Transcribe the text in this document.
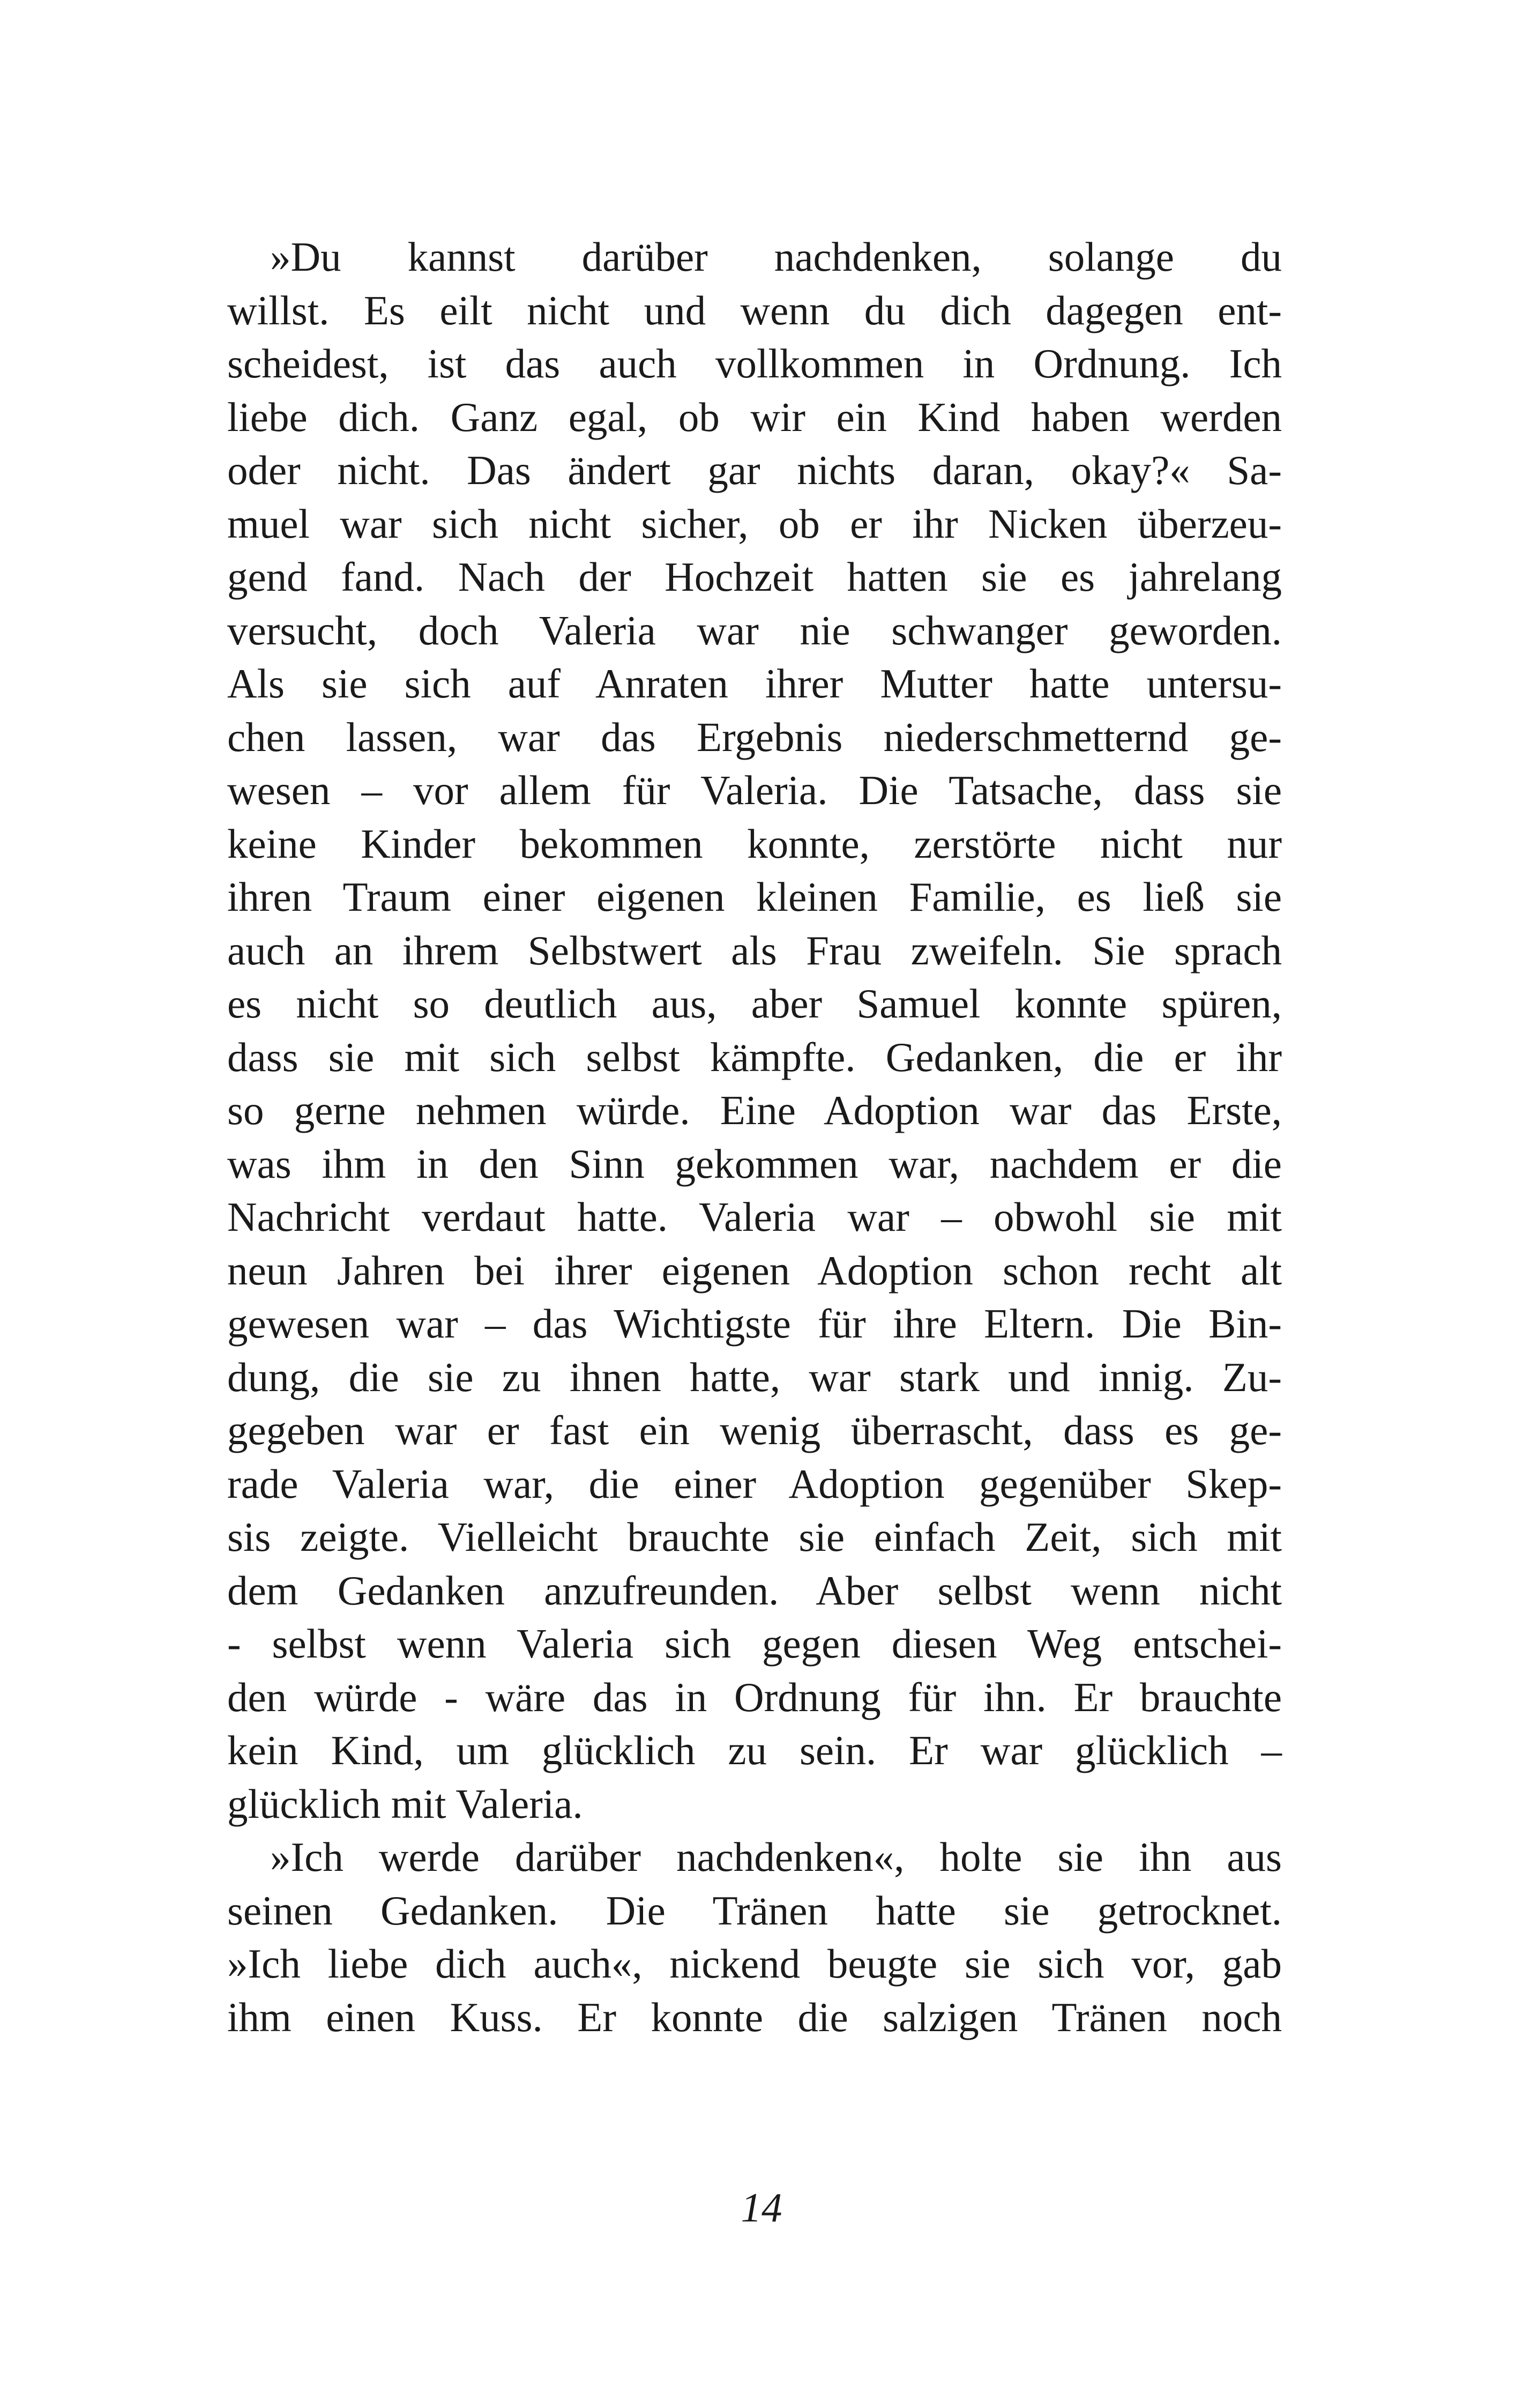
»Du kannst darüber nachdenken, solange du
willst. Es eilt nicht und wenn du dich dagegen ent-
scheidest, ist das auch vollkommen in Ordnung. Ich
liebe dich. Ganz egal, ob wir ein Kind haben werden
oder nicht. Das ändert gar nichts daran, okay?« Sa-
muel war sich nicht sicher, ob er ihr Nicken überzeu-
gend fand. Nach der Hochzeit hatten sie es jahrelang
versucht, doch Valeria war nie schwanger geworden.
Als sie sich auf Anraten ihrer Mutter hatte untersu-
chen lassen, war das Ergebnis niederschmetternd ge-
wesen – vor allem für Valeria. Die Tatsache, dass sie
keine Kinder bekommen konnte, zerstörte nicht nur
ihren Traum einer eigenen kleinen Familie, es ließ sie
auch an ihrem Selbstwert als Frau zweifeln. Sie sprach
es nicht so deutlich aus, aber Samuel konnte spüren,
dass sie mit sich selbst kämpfte. Gedanken, die er ihr
so gerne nehmen würde. Eine Adoption war das Erste,
was ihm in den Sinn gekommen war, nachdem er die
Nachricht verdaut hatte. Valeria war – obwohl sie mit
neun Jahren bei ihrer eigenen Adoption schon recht alt
gewesen war – das Wichtigste für ihre Eltern. Die Bin-
dung, die sie zu ihnen hatte, war stark und innig. Zu-
gegeben war er fast ein wenig überrascht, dass es ge-
rade Valeria war, die einer Adoption gegenüber Skep-
sis zeigte. Vielleicht brauchte sie einfach Zeit, sich mit
dem Gedanken anzufreunden. Aber selbst wenn nicht
- selbst wenn Valeria sich gegen diesen Weg entschei-
den würde - wäre das in Ordnung für ihn. Er brauchte
kein Kind, um glücklich zu sein. Er war glücklich –
glücklich mit Valeria.
»Ich werde darüber nachdenken«, holte sie ihn aus
seinen Gedanken. Die Tränen hatte sie getrocknet.
»Ich liebe dich auch«, nickend beugte sie sich vor, gab
ihm einen Kuss. Er konnte die salzigen Tränen noch
14
